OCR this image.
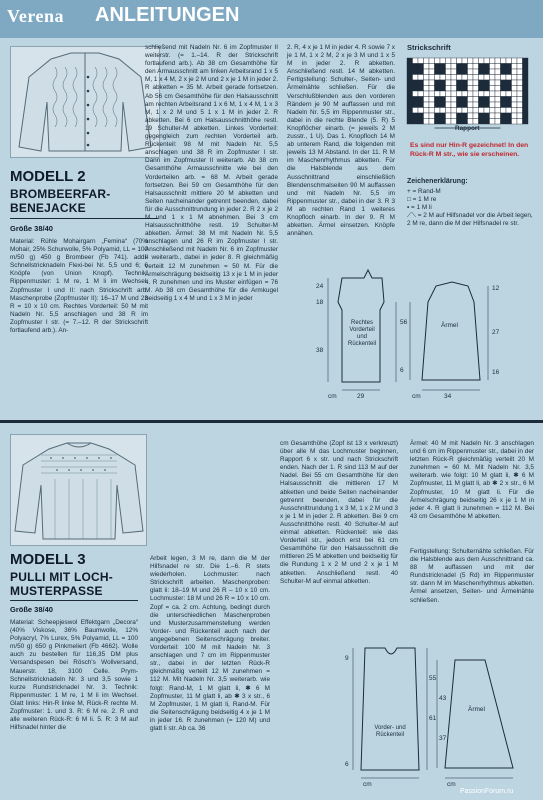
Verena ANLEITUNGEN
MODELL 2
BROMBEERFAR-
BENEJACKE
Größe 38/40

Material: Rühle Mohairgarn „Femina“ (70% Mohair, 25% Schurwolle, 5% Polyamid, LL = 100 m/50 g) 450 g Brombeer (Fb 741). addi-Schnellstricknadeln Flexi-bei Nr. 5,5 und 6; 6 Knöpfe (von Union Knopf). Technik: Rippenmuster: 1 M re, 1 M li im Wechsel. Zopfmuster I und II: nach Strickschrift arb. Maschenprobe (Zopfmuster II): 16–17 M und 23 R = 10 x 10 cm. Rechtes Vorderteil: 50 M mit Nadeln Nr. 5,5 anschlagen und 38 R im Zopfmuster I str. (= 7.–12. R der Strickschrift fortlaufend arb.). An-

schließend mit Nadeln Nr. 6 im Zopfmuster II weiterstr. (= 1.–14. R der Strickschrift fortlaufend arb.). Ab 38 cm Gesamthöhe für den Armausschnitt am linken Arbeitsrand 1 x 5 M, 1 x 4 M, 2 x je 2 M und 2 x je 1 M in jeder 2. R abketten = 35 M. Arbeit gerade fortsetzen. Ab 56 cm Gesamthöhe für den Halsausschnitt am rechten Arbeitsrand 1 x 6 M, 1 x 4 M, 1 x 3 M, 1 x 2 M und 5 1 x 1 M in jeder 2. R abketten. Bei 6 cm Halsausschnitthöhe restl. 19 Schulter-M abketten. Linkes Vorderteil: gegengleich zum rechten Vorderteil arb. Rückenteil: 98 M mit Nadeln Nr. 5,5 anschlagen und 38 R im Zopfmuster I str. Dann im Zopfmuster II weiterarb. Ab 38 cm Gesamthöhe Armausschnitte wie bei den Vorderteilen arb. = 68 M. Arbeit gerade fortsetzen. Bei 59 cm Gesamthöhe für den Halsausschnitt mittlere 20 M abketten und Seiten nacheinander getrennt beenden, dabei für die Ausschnittrundung in jeder 2. R 2 x je 2 M und 1 x 1 M abnehmen. Bei 3 cm Halsausschnitthöhe restl. 19 Schulter-M abketten. Ärmel: 38 M mit Nadeln Nr. 5,5 anschlagen und 26 R im Zopfmuster I str. Anschließend mit Nadeln Nr. 6 im Zopfmuster II weiterarb., dabei in jeder 8. R gleichmäßig verteilt 12 M zunehmen = 50 M. Für die Ärmelschrägung beidseitig 13 x je 1 M in jeder 4. R zunehmen und ins Muster einfügen = 76 M. Ab 38 cm Gesamthöhe für die Armkugel beidseitig 1 x 4 M und 1 x 3 M in jeder

2. R, 4 x je 1 M in jeder 4. R sowie 7 x je 1 M, 1 x 2 M, 2 x je 3 M und 1 x 5 M in jeder 2. R abketten. Anschließend restl. 14 M abketten. Fertigstellung: Schulter-, Seiten- und Ärmelnähte schließen. Für die Verschlußblenden aus den vorderen Rändern je 90 M auffassen und mit Nadeln Nr. 5,5 im Rippenmuster str., dabei in die rechte Blende (5. R) 5 Knopflöcher einarb. (= jeweils 2 M zusstr., 1 U). Das 1. Knopfloch 14 M ab unterem Rand, die folgenden mit jeweils 13 M Abstand. In der 11. R M im Maschenrhythmus abketten. Für die Halsblende aus dem Ausschnittrand einschließlich Blendenschmalseiten 90 M auffassen und mit Nadeln Nr. 5,5 im Rippenmuster str., dabei in der 3. R 3 M ab rechten Rand 1 weiteres Knopfloch einarb. In der 9. R M abketten. Ärmel einsetzen. Knöpfe annähen.

Strickschrift
Rapport
Es sind nur Hin-R gezeichnet! In den Rück-R M str., wie sie erscheinen.
Zeichenerklärung:
+ = Rand-M
□ = 1 M re
▪ = 1 M li
⟋⟍ = 2 M auf Hilfsnadel vor die Arbeit legen, 2 M re, dann die M der Hilfsnadel re str.
24
18
38
56
6
29
cm
27
34
cm
12
16
Rechtes Vorderteil und Rückenteil
Ärmel
MODELL 3
PULLI MIT LOCH-
MUSTERPASSE
Größe 38/40

Material: Scheepjeswol Effektgarn „Decora“ (40% Viskose, 36% Baumwolle, 12% Polyacryl, 7% Lurex, 5% Polyamid, LL = 100 m/50 g) 650 g Pinkmeliert (Fb 4662). Wolle auch zu bestellen für 116,35 DM plus Versandspesen bei Rösch's Wollversand, Mauerstr. 18, 3100 Celle. Prym-Schnellstricknadeln Nr. 3 und 3,5 sowie 1 kurze Rundstricknadel Nr. 3. Technik: Rippenmuster: 1 M re, 1 M li im Wechsel. Glatt links: Hin-R linke M, Rück-R rechte M. Zopfmuster: 1. und 3. R: 6 M re. 2. R und alle weiteren Rück-R: 6 M li. 5. R: 3 M auf Hilfsnadel hinter die

Arbeit legen, 3 M re, dann die M der Hilfsnadel re str. Die 1.–6. R stets wiederholen. Lochmuster: nach Strickschrift arbeiten. Maschenproben: glatt li: 18–19 M und 26 R – 10 x 10 cm. Lochmuster: 18 M und 26 R = 10 x 10 cm. Zopf = ca. 2 cm. Achtung, bedingt durch die unterschiedlichen Maschenproben und Musterzusammenstellung werden Vorder- und Rückenteil auch nach der angegebenen Seitenschrägung breiter. Vorderteil: 100 M mit Nadeln Nr. 3 anschlagen und 7 cm im Rippenmuster str., dabei in der letzten Rück-R gleichmäßig verteilt 12 M zunehmen = 112 M. Mit Nadeln Nr. 3,5 weiterarb. wie folgt: Rand-M, 1 M glatt li, ✱ 6 M Zopfmuster, 11 M glatt li, ab ✱ 3 x str., 6 M Zopfmuster, 1 M glatt li, Rand-M. Für die Seitenschrägung beidseitig 4 x je 1 M in jeder 16. R zunehmen (= 120 M) und glatt li str. Ab ca. 36

cm Gesamthöhe (Zopf ist 13 x verkreuzt) über alle M das Lochmuster beginnen, Rapport 6 x str. und nach Strickschrift enden. Nach der 1. R sind 113 M auf der Nadel. Bei 55 cm Gesamthöhe für den Halsausschnitt die mittleren 17 M abketten und beide Seiten nacheinander getrennt beenden, dabei für die Ausschnittrundung 1 x 3 M, 1 x 2 M und 3 x je 1 M in jeder 2. R abketten. Bei 9 cm Ausschnitthöhe restl. 40 Schulter-M auf einmal abketten. Rückenteil: wie das Vorderteil str., jedoch erst bei 61 cm Gesamthöhe für den Halsausschnitt die mittleren 25 M abketten und beidseitig für die Rundung 1 x 2 M und 2 x je 1 M abketten. Anschließend restl. 40 Schulter-M auf einmal abketten.

Ärmel: 40 M mit Nadeln Nr. 3 anschlagen und 6 cm im Rippenmuster str., dabei in der letzten Rück-R gleichmäßig verteilt 20 M zunehmen = 60 M. Mit Nadeln Nr. 3,5 weiterarb. wie folgt: 10 M glatt li, ✱ 6 M Zopfmuster, 11 M glatt li, ab ✱ 2 x str., 6 M Zopfmuster, 10 M glatt li. Für die Ärmelschrägung beidseitig 26 x je 1 M in jeder 4. R glatt li zunehmen = 112 M. Bei 43 cm Gesamthöhe M abketten.

Fertigstellung: Schulternähte schließen. Für die Halsblende aus dem Ausschnittrand ca. 88 M auffassen und mit der Rundstricknadel (5 Rd) im Rippenmuster str. dann M im Maschenrhythmus abketten. Ärmel ansetzen, Seiten- und Ärmelnähte schließen.

55
61
9
6
cm
43
37
cm
Vorder- und Rückenteil
Ärmel
PassionForum.ru
